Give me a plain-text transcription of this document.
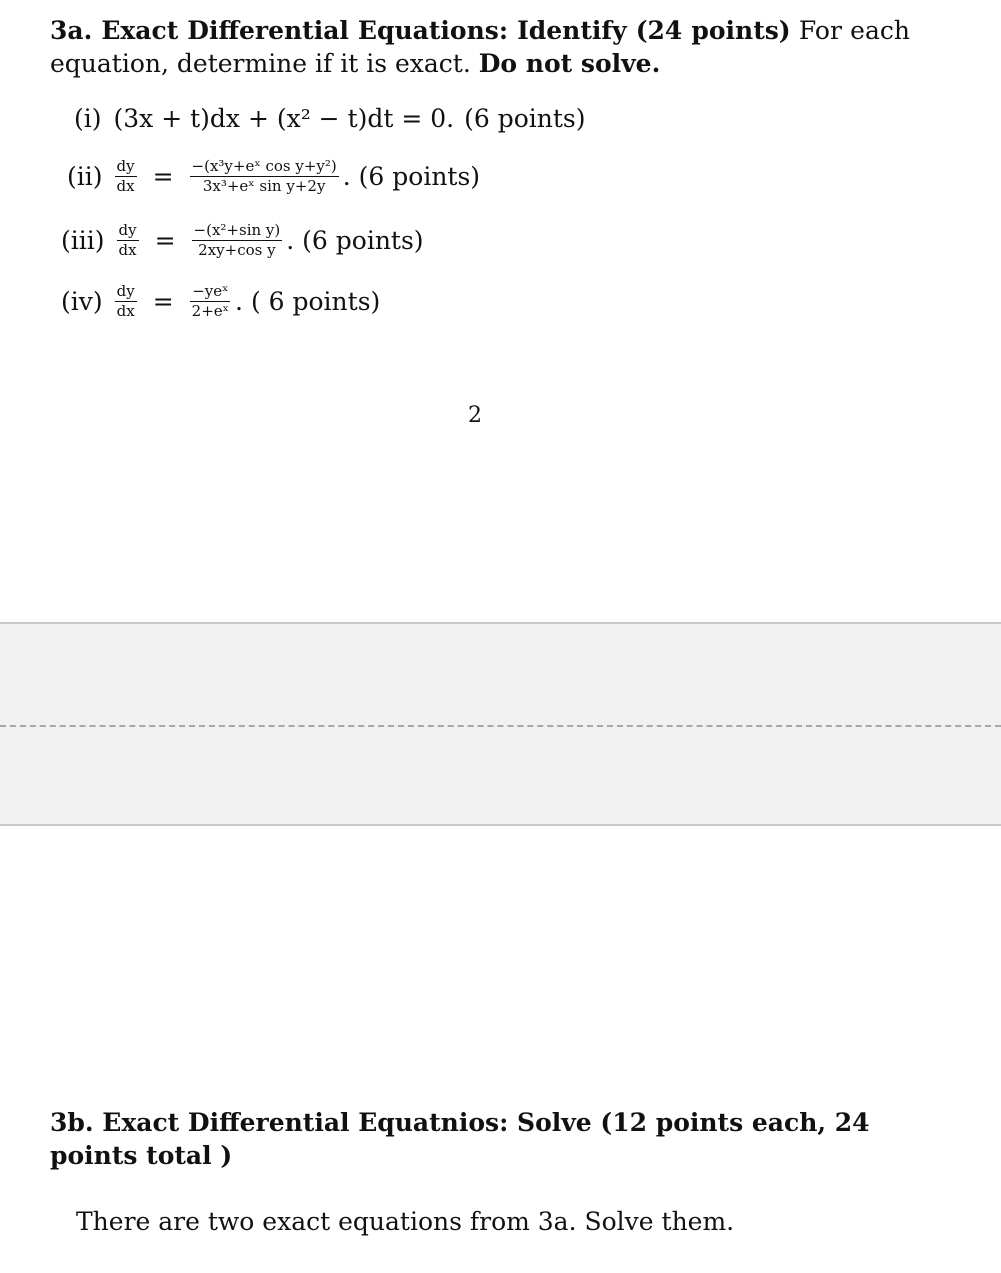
3a. Exact Differential Equations: Identify (24 points) For each equation, determine if it is exact. Do not solve.
(i) (3x + t)dx + (x² − t)dt = 0. (6 points)
$(ii) \frac{dy}{dx} = \frac{\text{−(x³y+eˣ cos y+y²)}}{\text{3x³+eˣ sin y+2y}}$ . (6 points)
$(iii) \frac{dy}{dx} = \frac{\text{−(x²+sin y)}}{\text{2xy+cos y}}$ . (6 points)
$(iv) \frac{dy}{dx} = \frac{\text{−yeˣ}}{\text{2+eˣ}}$ . ( 6 points)
2
3b. Exact Differential Equatnios: Solve (12 points each, 24 points total )
There are two exact equations from 3a. Solve them.
